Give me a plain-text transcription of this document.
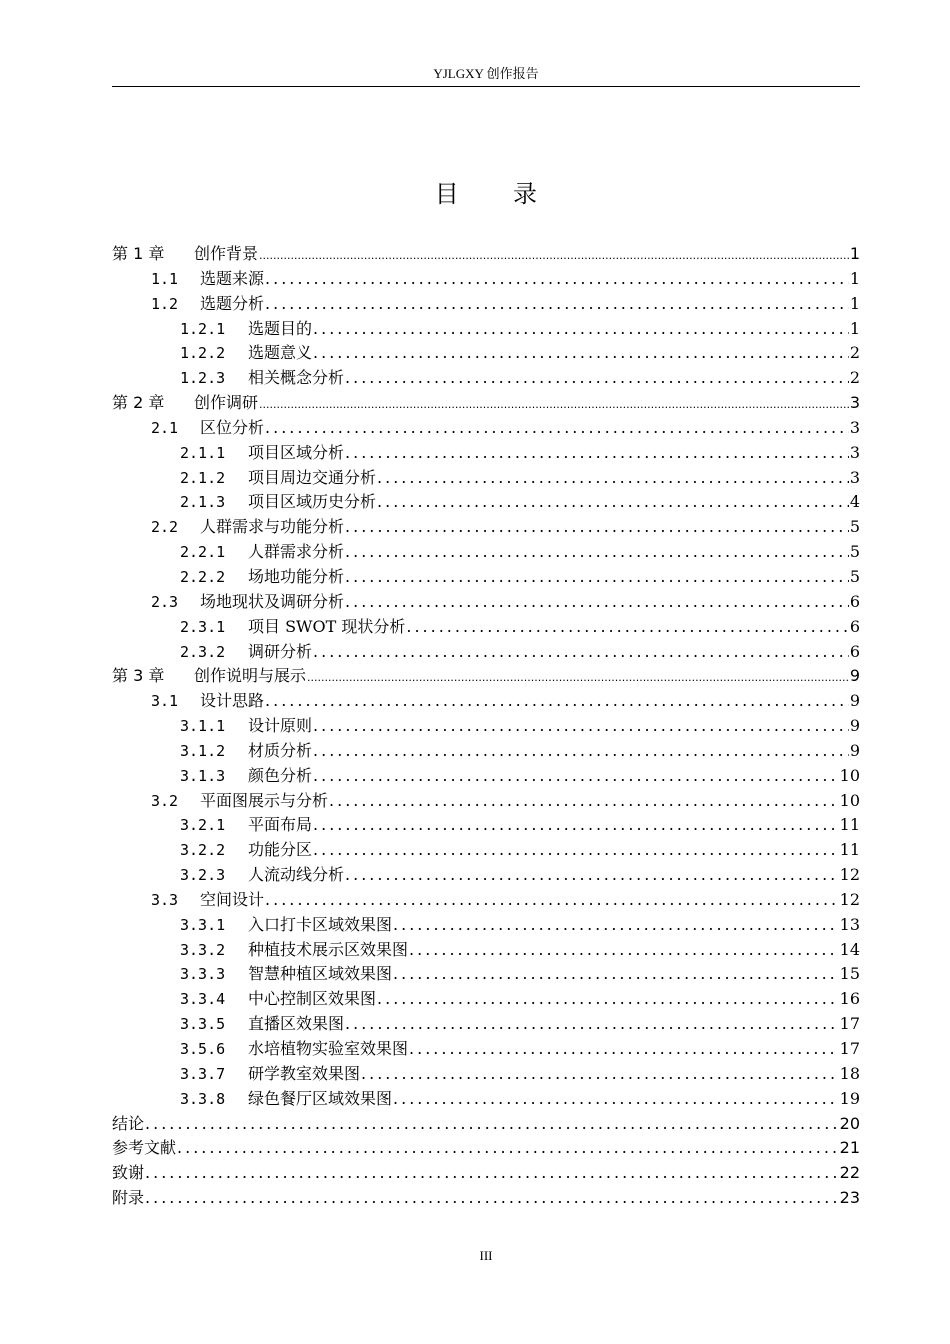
YJLGXY 创作报告
目 录
第 1 章	创作背景 .....	1
1.1	选题来源 .....	1
1.2	选题分析 .....	1
1.2.1	选题目的 .....	1
1.2.2	选题意义 .....	2
1.2.3	相关概念分析 .....	2
第 2 章	创作调研 .....	3
2.1	区位分析 .....	3
2.1.1	项目区域分析 .....	3
2.1.2	项目周边交通分析 .....	3
2.1.3	项目区域历史分析 .....	4
2.2	人群需求与功能分析 .....	5
2.2.1	人群需求分析 .....	5
2.2.2	场地功能分析 .....	5
2.3	场地现状及调研分析 .....	6
2.3.1	项目 SWOT 现状分析 .....	6
2.3.2	调研分析 .....	6
第 3 章	创作说明与展示 .....	9
3.1	设计思路 .....	9
3.1.1	设计原则 .....	9
3.1.2	材质分析 .....	9
3.1.3	颜色分析 .....	10
3.2	平面图展示与分析 .....	10
3.2.1	平面布局 .....	11
3.2.2	功能分区 .....	11
3.2.3	人流动线分析 .....	12
3.3	空间设计 .....	12
3.3.1	入口打卡区域效果图 .....	13
3.3.2	种植技术展示区效果图 .....	14
3.3.3	智慧种植区域效果图 .....	15
3.3.4	中心控制区效果图 .....	16
3.3.5	直播区效果图 .....	17
3.5.6	水培植物实验室效果图 .....	17
3.3.7	研学教室效果图 .....	18
3.3.8	绿色餐厅区域效果图 .....	19
结论 .....	20
参考文献 .....	21
致谢 .....	22
附录 .....	23
III
